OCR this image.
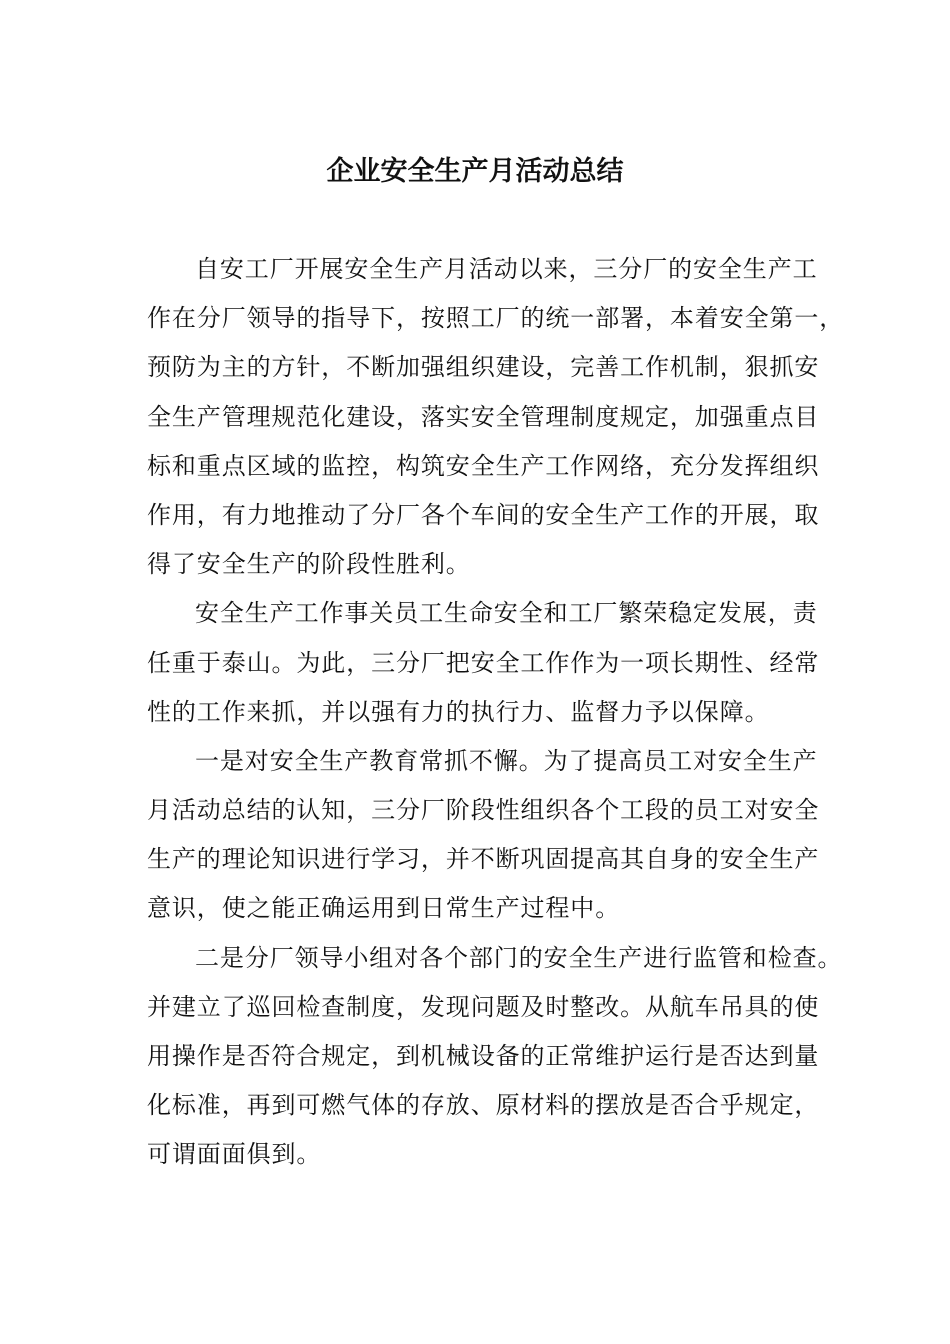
企业安全生产月活动总结

自安工厂开展安全生产月活动以来，三分厂的安全生产工
作在分厂领导的指导下，按照工厂的统一部署，本着安全第一，
预防为主的方针，不断加强组织建设，完善工作机制，狠抓安
全生产管理规范化建设，落实安全管理制度规定，加强重点目
标和重点区域的监控，构筑安全生产工作网络，充分发挥组织
作用，有力地推动了分厂各个车间的安全生产工作的开展，取
得了安全生产的阶段性胜利。

安全生产工作事关员工生命安全和工厂繁荣稳定发展，责
任重于泰山。为此，三分厂把安全工作作为一项长期性、经常
性的工作来抓，并以强有力的执行力、监督力予以保障。

一是对安全生产教育常抓不懈。为了提高员工对安全生产
月活动总结的认知，三分厂阶段性组织各个工段的员工对安全
生产的理论知识进行学习，并不断巩固提高其自身的安全生产
意识，使之能正确运用到日常生产过程中。

二是分厂领导小组对各个部门的安全生产进行监管和检查。
并建立了巡回检查制度，发现问题及时整改。从航车吊具的使
用操作是否符合规定，到机械设备的正常维护运行是否达到量
化标准，再到可燃气体的存放、原材料的摆放是否合乎规定，
可谓面面俱到。
